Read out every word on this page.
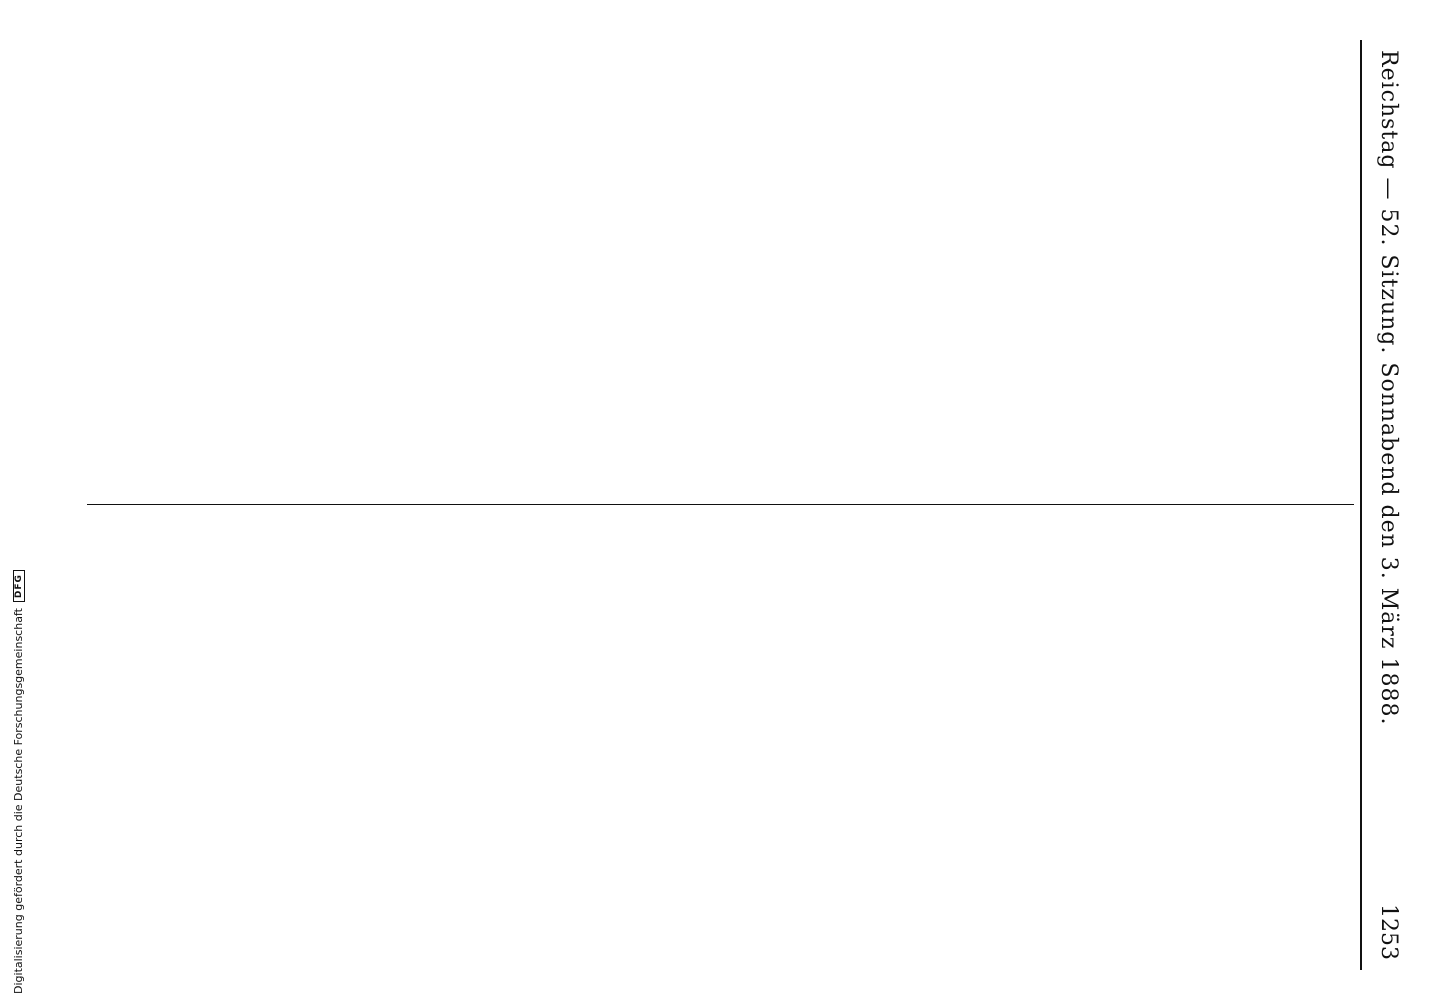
Digitalisierung gefördert durch die Deutsche Forschungsgemeinschaft
DFG
Reichstag — 52. Sitzung. Sonnabend den 3. März 1888.
1253
